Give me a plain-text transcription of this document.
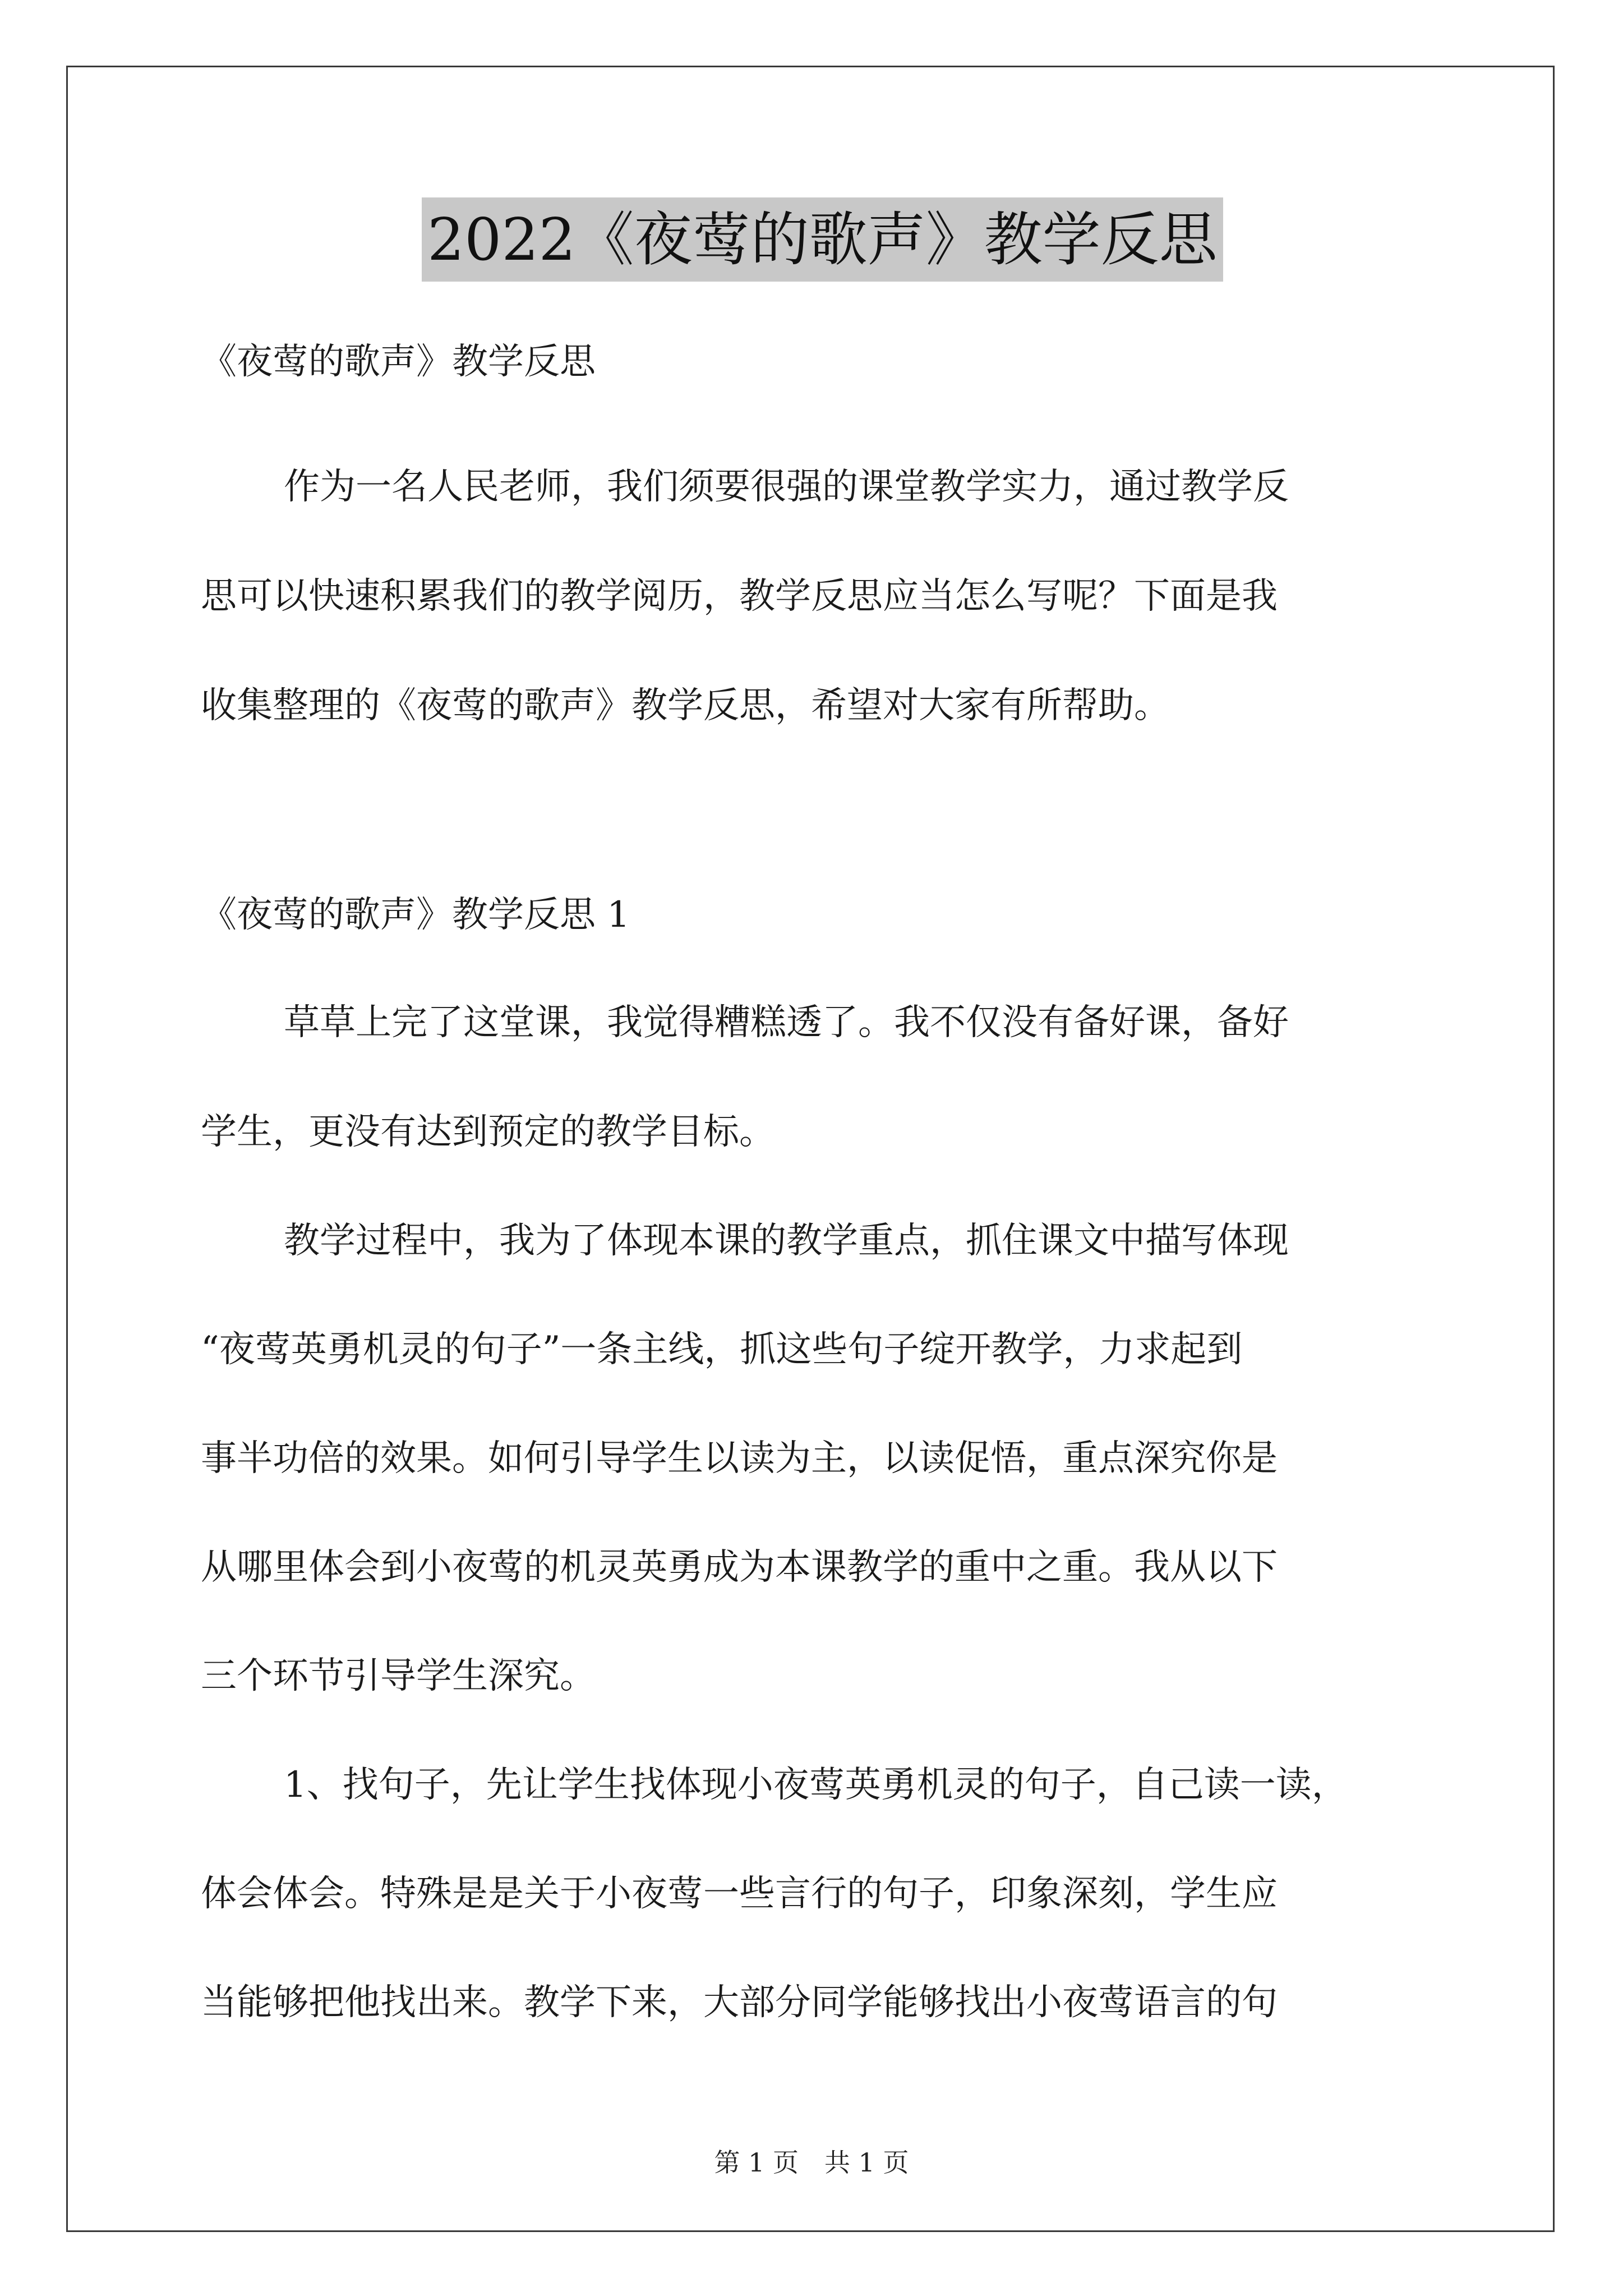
2022《夜莺的歌声》教学反思
《夜莺的歌声》教学反思
作为一名人民老师，我们须要很强的课堂教学实力，通过教学反
思可以快速积累我们的教学阅历，教学反思应当怎么写呢？下面是我
收集整理的《夜莺的歌声》教学反思，希望对大家有所帮助。
《夜莺的歌声》教学反思 1
草草上完了这堂课，我觉得糟糕透了。我不仅没有备好课，备好
学生，更没有达到预定的教学目标。
教学过程中，我为了体现本课的教学重点，抓住课文中描写体现
“夜莺英勇机灵的句子”一条主线，抓这些句子绽开教学，力求起到
事半功倍的效果。如何引导学生以读为主，以读促悟，重点深究你是
从哪里体会到小夜莺的机灵英勇成为本课教学的重中之重。我从以下
三个环节引导学生深究。
1、找句子，先让学生找体现小夜莺英勇机灵的句子，自己读一读，
体会体会。特殊是是关于小夜莺一些言行的句子，印象深刻，学生应
当能够把他找出来。教学下来，大部分同学能够找出小夜莺语言的句
第 1 页　共 1 页
